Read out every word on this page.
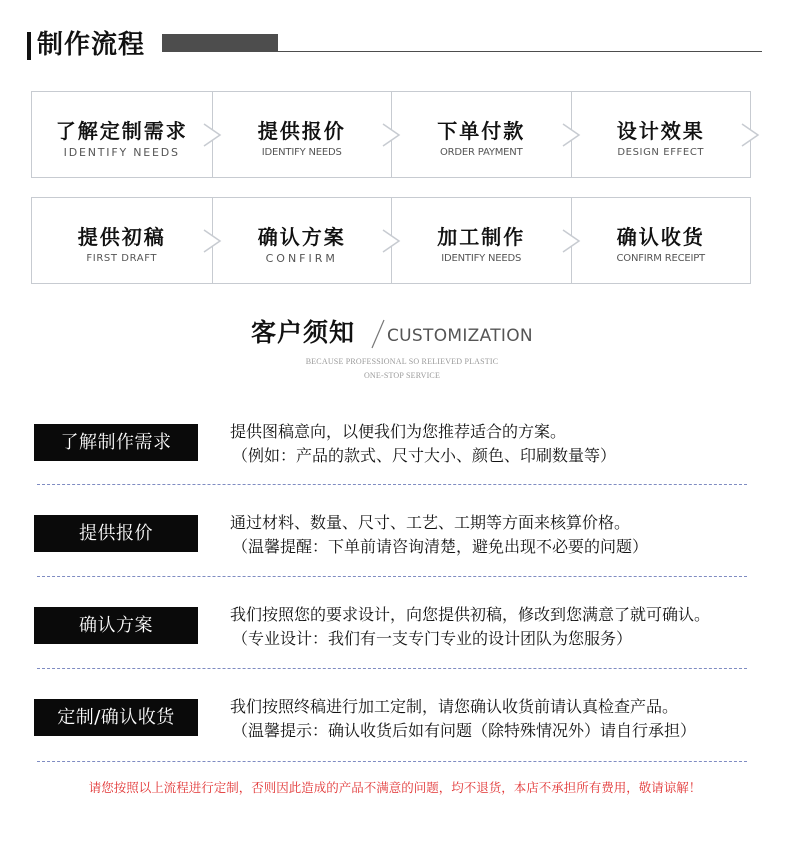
制作流程
了解定制需求
IDENTIFY NEEDS
提供报价
IDENTIFY NEEDS
下单付款
ORDER PAYMENT
设计效果
DESIGN EFFECT
提供初稿
FIRST DRAFT
确认方案
CONFIRM
加工制作
IDENTIFY NEEDS
确认收货
CONFIRM RECEIPT
客户须知 CUSTOMIZATION
BECAUSE PROFESSIONAL SO RELIEVED PLASTIC
ONE-STOP SERVICE
了解制作需求
提供图稿意向，以便我们为您推荐适合的方案。
（例如：产品的款式、尺寸大小、颜色、印刷数量等）
提供报价
通过材料、数量、尺寸、工艺、工期等方面来核算价格。
（温馨提醒：下单前请咨询清楚，避免出现不必要的问题）
确认方案
我们按照您的要求设计，向您提供初稿，修改到您满意了就可确认。
（专业设计：我们有一支专门专业的设计团队为您服务）
定制/确认收货
我们按照终稿进行加工定制，请您确认收货前请认真检查产品。
（温馨提示：确认收货后如有问题（除特殊情况外）请自行承担）
请您按照以上流程进行定制，否则因此造成的产品不满意的问题，均不退货，本店不承担所有费用，敬请谅解！
